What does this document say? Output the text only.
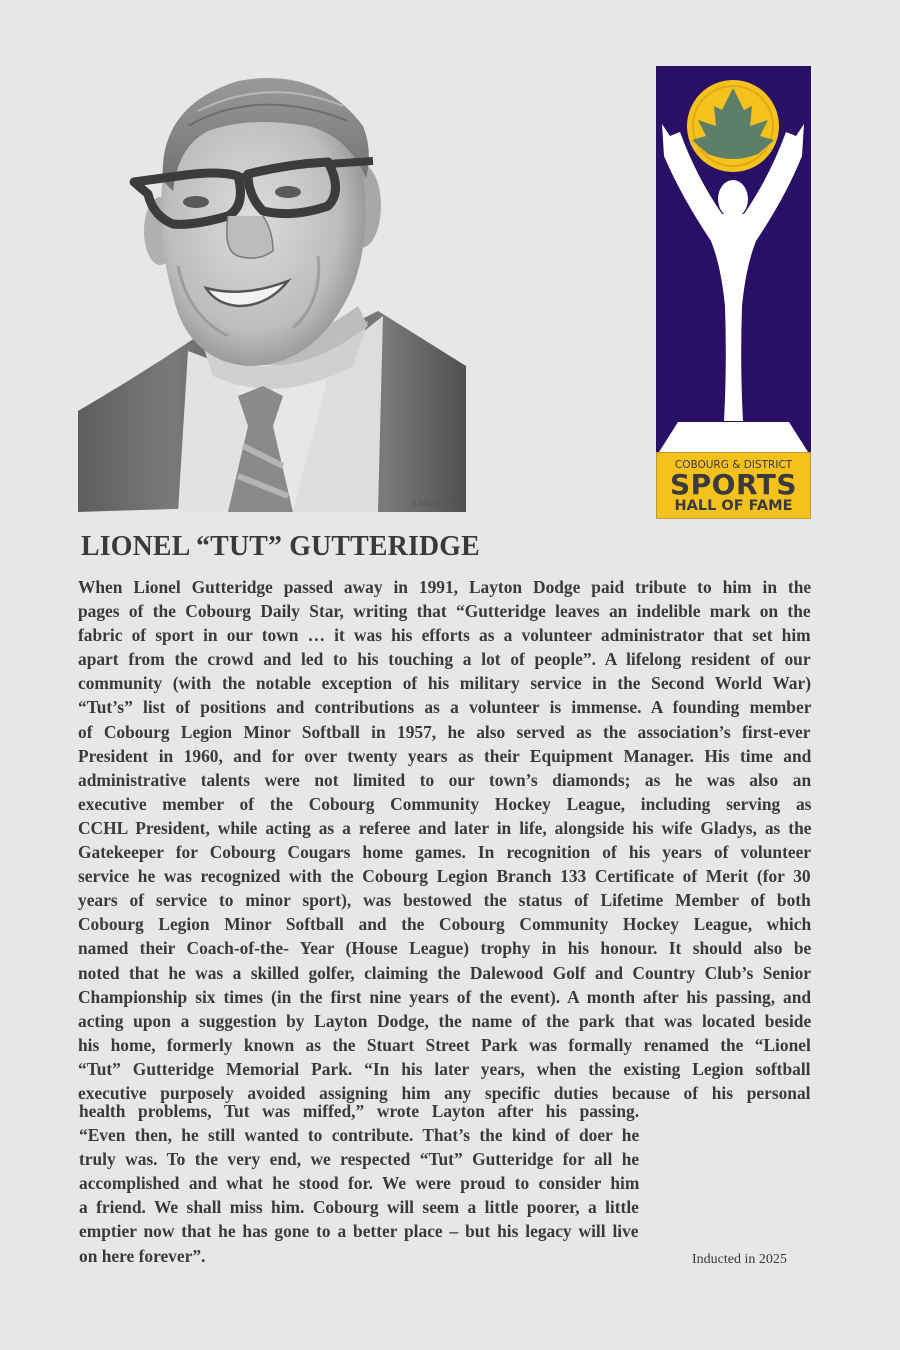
Lahey '25
COBOURG & DISTRICT
SPORTS
HALL OF FAME
LIONEL “TUT” GUTTERIDGE
When Lionel Gutteridge passed away in 1991, Layton Dodge paid tribute to him in the
pages of the Cobourg Daily Star, writing that “Gutteridge leaves an indelible mark on the
fabric of sport in our town … it was his efforts as a volunteer administrator that set him
apart from the crowd and led to his touching a lot of people”. A lifelong resident of our
community (with the notable exception of his military service in the Second World War)
“Tut’s” list of positions and contributions as a volunteer is immense. A founding member
of Cobourg Legion Minor Softball in 1957, he also served as the association’s first-ever
President in 1960, and for over twenty years as their Equipment Manager. His time and
administrative talents were not limited to our town’s diamonds; as he was also an
executive member of the Cobourg Community Hockey League, including serving as
CCHL President, while acting as a referee and later in life, alongside his wife Gladys, as the
Gatekeeper for Cobourg Cougars home games. In recognition of his years of volunteer
service he was recognized with the Cobourg Legion Branch 133 Certificate of Merit (for 30
years of service to minor sport), was bestowed the status of Lifetime Member of both
Cobourg Legion Minor Softball and the Cobourg Community Hockey League, which
named their Coach-of-the- Year (House League) trophy in his honour. It should also be
noted that he was a skilled golfer, claiming the Dalewood Golf and Country Club’s Senior
Championship six times (in the first nine years of the event). A month after his passing, and
acting upon a suggestion by Layton Dodge, the name of the park that was located beside
his home, formerly known as the Stuart Street Park was formally renamed the “Lionel
“Tut” Gutteridge Memorial Park. “In his later years, when the existing Legion softball
executive purposely avoided assigning him any specific duties because of his personal
health problems, Tut was miffed,” wrote Layton after his passing.
“Even then, he still wanted to contribute. That’s the kind of doer he
truly was. To the very end, we respected “Tut” Gutteridge for all he
accomplished and what he stood for. We were proud to consider him
a friend. We shall miss him. Cobourg will seem a little poorer, a little
emptier now that he has gone to a better place – but his legacy will live
on here forever”.	Inducted in 2025
